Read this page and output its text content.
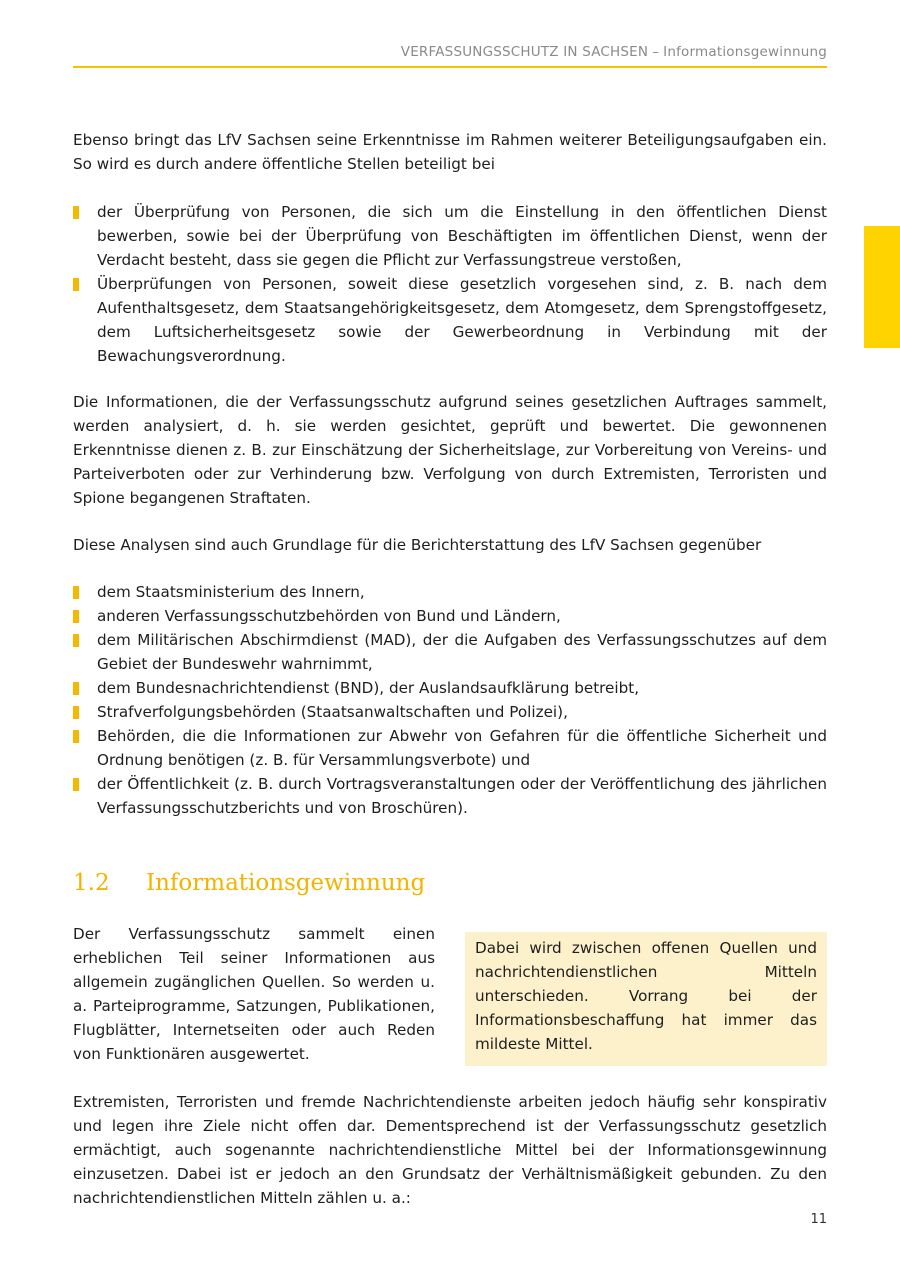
VERFASSUNGSSCHUTZ IN SACHSEN – Informationsgewinnung

Ebenso bringt das LfV Sachsen seine Erkenntnisse im Rahmen weiterer Beteiligungsaufgaben ein. So wird es durch andere öffentliche Stellen beteiligt bei

der Überprüfung von Personen, die sich um die Einstellung in den öffentlichen Dienst bewerben, sowie bei der Überprüfung von Beschäftigten im öffentlichen Dienst, wenn der Verdacht besteht, dass sie gegen die Pflicht zur Verfassungstreue verstoßen,
Überprüfungen von Personen, soweit diese gesetzlich vorgesehen sind, z. B. nach dem Aufenthaltsgesetz, dem Staatsangehörigkeitsgesetz, dem Atomgesetz, dem Sprengstoffgesetz, dem Luftsicherheitsgesetz sowie der Gewerbeordnung in Verbindung mit der Bewachungsverordnung.

Die Informationen, die der Verfassungsschutz aufgrund seines gesetzlichen Auftrages sammelt, werden analysiert, d. h. sie werden gesichtet, geprüft und bewertet. Die gewonnenen Erkenntnisse dienen z. B. zur Einschätzung der Sicherheitslage, zur Vorbereitung von Vereins- und Parteiverboten oder zur Verhinderung bzw. Verfolgung von durch Extremisten, Terroristen und Spione begangenen Straftaten.

Diese Analysen sind auch Grundlage für die Berichterstattung des LfV Sachsen gegenüber

dem Staatsministerium des Innern,
anderen Verfassungsschutzbehörden von Bund und Ländern,
dem Militärischen Abschirmdienst (MAD), der die Aufgaben des Verfassungsschutzes auf dem Gebiet der Bundeswehr wahrnimmt,
dem Bundesnachrichtendienst (BND), der Auslandsaufklärung betreibt,
Strafverfolgungsbehörden (Staatsanwaltschaften und Polizei),
Behörden, die die Informationen zur Abwehr von Gefahren für die öffentliche Sicherheit und Ordnung benötigen (z. B. für Versammlungsverbote) und
der Öffentlichkeit (z. B. durch Vortragsveranstaltungen oder der Veröffentlichung des jährlichen Verfassungsschutzberichts und von Broschüren).
1.2	Informationsgewinnung

Der Verfassungsschutz sammelt einen erheblichen Teil seiner Informationen aus allgemein zugänglichen Quellen. So werden u. a. Parteiprogramme, Satzungen, Publikationen, Flugblätter, Internetseiten oder auch Reden von Funktionären ausgewertet.

Dabei wird zwischen offenen Quellen und nachrichtendienstlichen Mitteln unterschieden. Vorrang bei der Informationsbeschaffung hat immer das mildeste Mittel.

Extremisten, Terroristen und fremde Nachrichtendienste arbeiten jedoch häufig sehr konspirativ und legen ihre Ziele nicht offen dar. Dementsprechend ist der Verfassungsschutz gesetzlich ermächtigt, auch sogenannte nachrichtendienstliche Mittel bei der Informationsgewinnung einzusetzen. Dabei ist er jedoch an den Grundsatz der Verhältnismäßigkeit gebunden. Zu den nachrichtendienstlichen Mitteln zählen u. a.:

11
